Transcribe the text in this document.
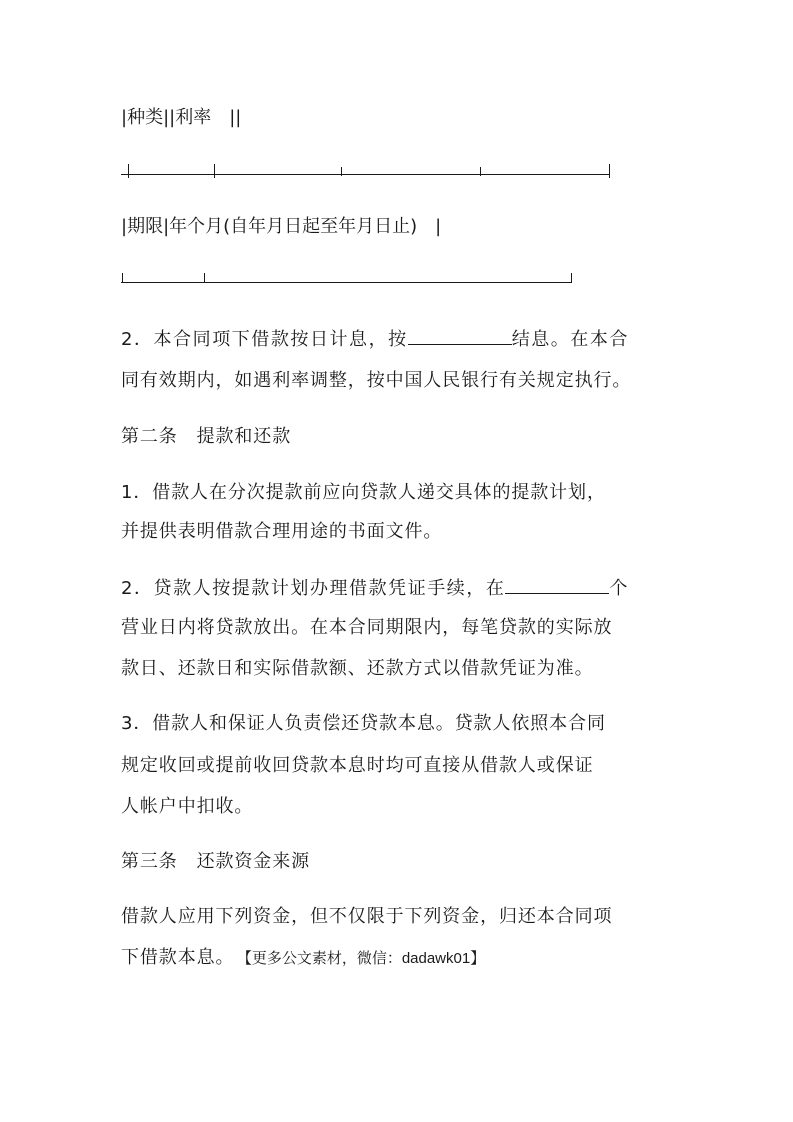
|种类||利率　||
|期限|年个月(自年月日起至年月日止)　|
2．本合同项下借款按日计息，按	结息。在本合
同有效期内，如遇利率调整，按中国人民银行有关规定执行。
第二条　提款和还款
1．借款人在分次提款前应向贷款人递交具体的提款计划，
并提供表明借款合理用途的书面文件。
2．贷款人按提款计划办理借款凭证手续，在	个
营业日内将贷款放出。在本合同期限内，每笔贷款的实际放
款日、还款日和实际借款额、还款方式以借款凭证为准。
3．借款人和保证人负责偿还贷款本息。贷款人依照本合同
规定收回或提前收回贷款本息时均可直接从借款人或保证
人帐户中扣收。
第三条　还款资金来源
借款人应用下列资金，但不仅限于下列资金，归还本合同项
下借款本息。　 【更多公文素材，微信：dadawk01】
